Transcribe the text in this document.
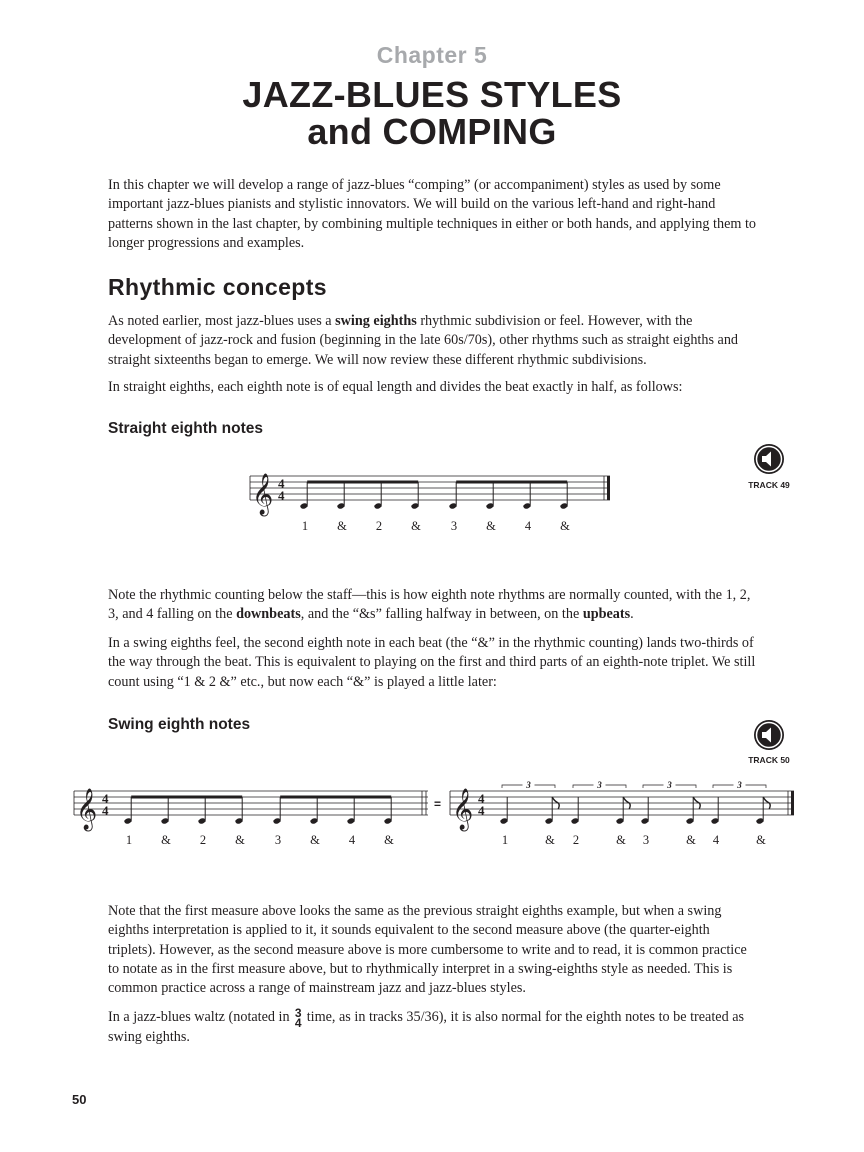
Chapter 5
JAZZ-BLUES STYLES
and COMPING
In this chapter we will develop a range of jazz-blues “comping” (or accompaniment) styles as used by some important jazz-blues pianists and stylistic innovators. We will build on the various left-hand and right-hand patterns shown in the last chapter, by combining multiple techniques in either or both hands, and applying them to longer progressions and examples.
Rhythmic concepts
As noted earlier, most jazz-blues uses a swing eighths rhythmic subdivision or feel. However, with the development of jazz-rock and fusion (beginning in the late 60s/70s), other rhythms such as straight eighths and straight sixteenths began to emerge. We will now review these different rhythmic subdivisions.
In straight eighths, each eighth note is of equal length and divides the beat exactly in half, as follows:
Straight eighth notes
TRACK 49
𝄞 4
4
1 & 2 & 3 & 4 &
Note the rhythmic counting below the staff—this is how eighth note rhythms are normally counted, with the 1, 2, 3, and 4 falling on the downbeats, and the “&s” falling halfway in between, on the upbeats.
In a swing eighths feel, the second eighth note in each beat (the “&” in the rhythmic counting) lands two-thirds of the way through the beat. This is equivalent to playing on the first and third parts of an eighth-note triplet. We still count using “1 & 2 &” etc., but now each “&” is played a little later:
Swing eighth notes
TRACK 50
𝄞 4
4	= 𝄞 4
4
3	3	3	3
1 & 2 & 3 & 4 &	1	& 2	& 3	& 4	&
Note that the first measure above looks the same as the previous straight eighths example, but when a swing eighths interpretation is applied to it, it sounds equivalent to the second measure above (the quarter-eighth triplets). However, as the second measure above is more cumbersome to write and to read, it is common practice to notate as in the first measure above, but to rhythmically interpret in a swing-eighths style as needed. This is common practice across a range of mainstream jazz and jazz-blues styles.
In a jazz-blues waltz (notated in 3
4 time, as in tracks 35/36), it is also normal for the eighth notes to be treated as swing eighths.
50
